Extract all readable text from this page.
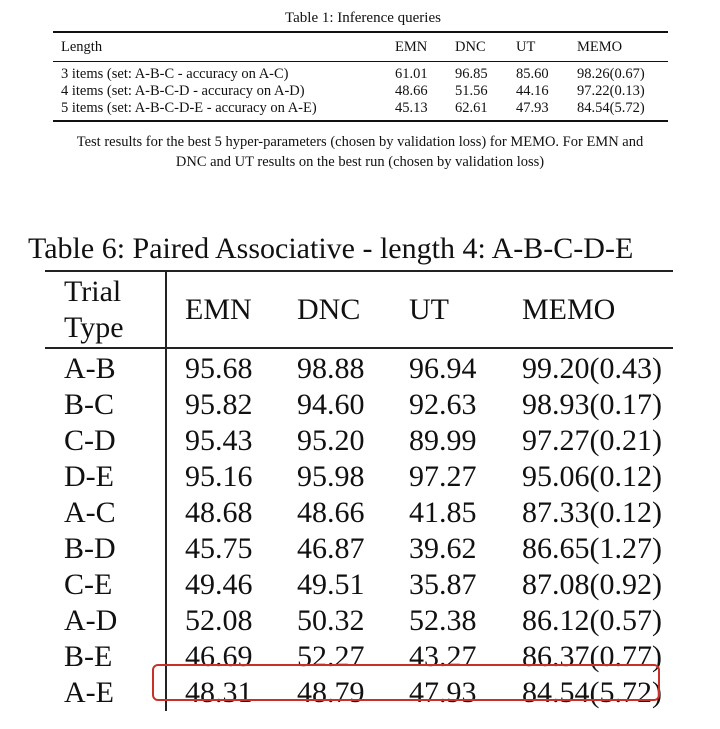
Table 1: Inference queries
Length	EMN	DNC	UT	MEMO
3 items (set: A-B-C - accuracy on A-C)	61.01	96.85	85.60	98.26(0.67)
4 items (set: A-B-C-D - accuracy on A-D)	48.66	51.56	44.16	97.22(0.13)
5 items (set: A-B-C-D-E - accuracy on A-E)	45.13	62.61	47.93	84.54(5.72)
Test results for the best 5 hyper-parameters (chosen by validation loss) for MEMO. For EMN and
DNC and UT results on the best run (chosen by validation loss)
Table 6: Paired Associative - length 4: A-B-C-D-E
Trial
Type	EMN	DNC	UT	MEMO
A-B	95.68	98.88	96.94	99.20(0.43)
B-C	95.82	94.60	92.63	98.93(0.17)
C-D	95.43	95.20	89.99	97.27(0.21)
D-E	95.16	95.98	97.27	95.06(0.12)
A-C	48.68	48.66	41.85	87.33(0.12)
B-D	45.75	46.87	39.62	86.65(1.27)
C-E	49.46	49.51	35.87	87.08(0.92)
A-D	52.08	50.32	52.38	86.12(0.57)
B-E	46.69	52.27	43.27	86.37(0.77)
A-E	48.31	48.79	47.93	84.54(5.72)
